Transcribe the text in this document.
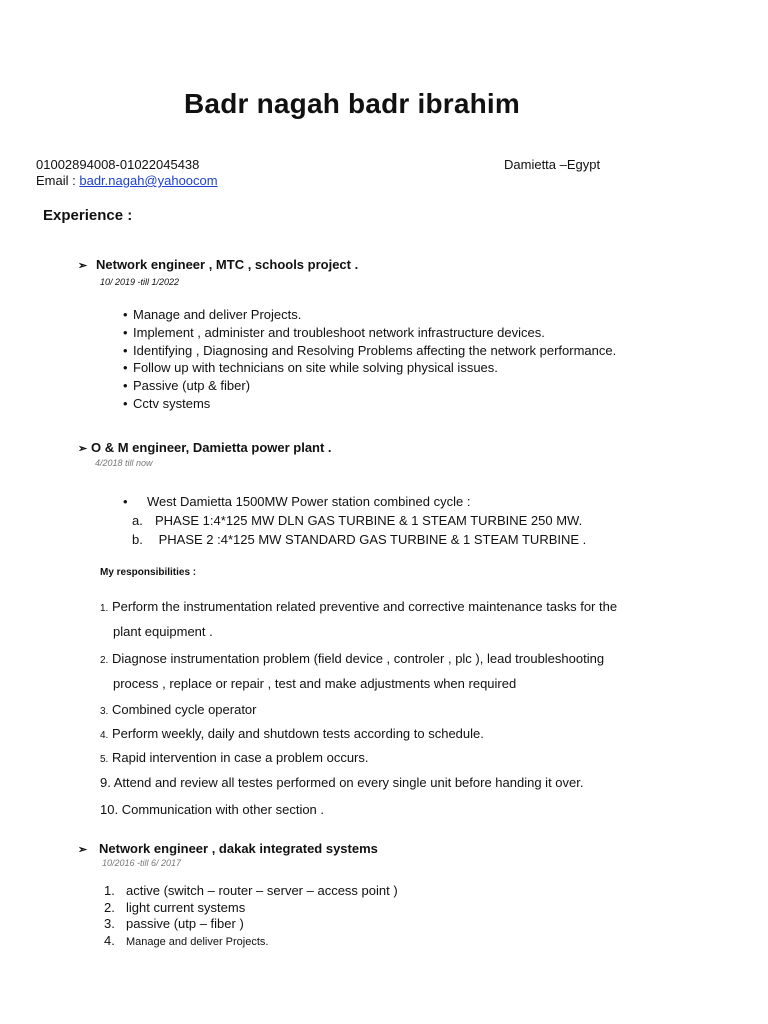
Badr nagah badr ibrahim
01002894008-01022045438	Damietta –Egypt
Email : badr.nagah@yahoocom
Experience :
➢ Network engineer , MTC , schools project .
10/ 2019 -till 1/2022
• Manage and deliver Projects.
• Implement , administer and troubleshoot network infrastructure devices.
• Identifying , Diagnosing and Resolving Problems affecting the network performance.
• Follow up with technicians on site while solving physical issues.
• Passive (utp & fiber)
• Cctv systems
➢ O & M engineer, Damietta power plant .
4/2018 till now
• West Damietta 1500MW Power station combined cycle :
a. PHASE 1:4*125 MW DLN GAS TURBINE & 1 STEAM TURBINE 250 MW.
b. PHASE 2 :4*125 MW STANDARD GAS TURBINE & 1 STEAM TURBINE .
My responsibilities :
1. Perform the instrumentation related preventive and corrective maintenance tasks for the
plant equipment .
2. Diagnose instrumentation problem (field device , controler , plc ), lead troubleshooting
process , replace or repair , test and make adjustments when required
3. Combined cycle operator
4. Perform weekly, daily and shutdown tests according to schedule.
5. Rapid intervention in case a problem occurs.
9. Attend and review all testes performed on every single unit before handing it over.
10. Communication with other section .
➢ Network engineer , dakak integrated systems
10/2016 -till 6/ 2017
1. active (switch – router – server – access point )
2. light current systems
3. passive (utp – fiber )
4. Manage and deliver Projects.
